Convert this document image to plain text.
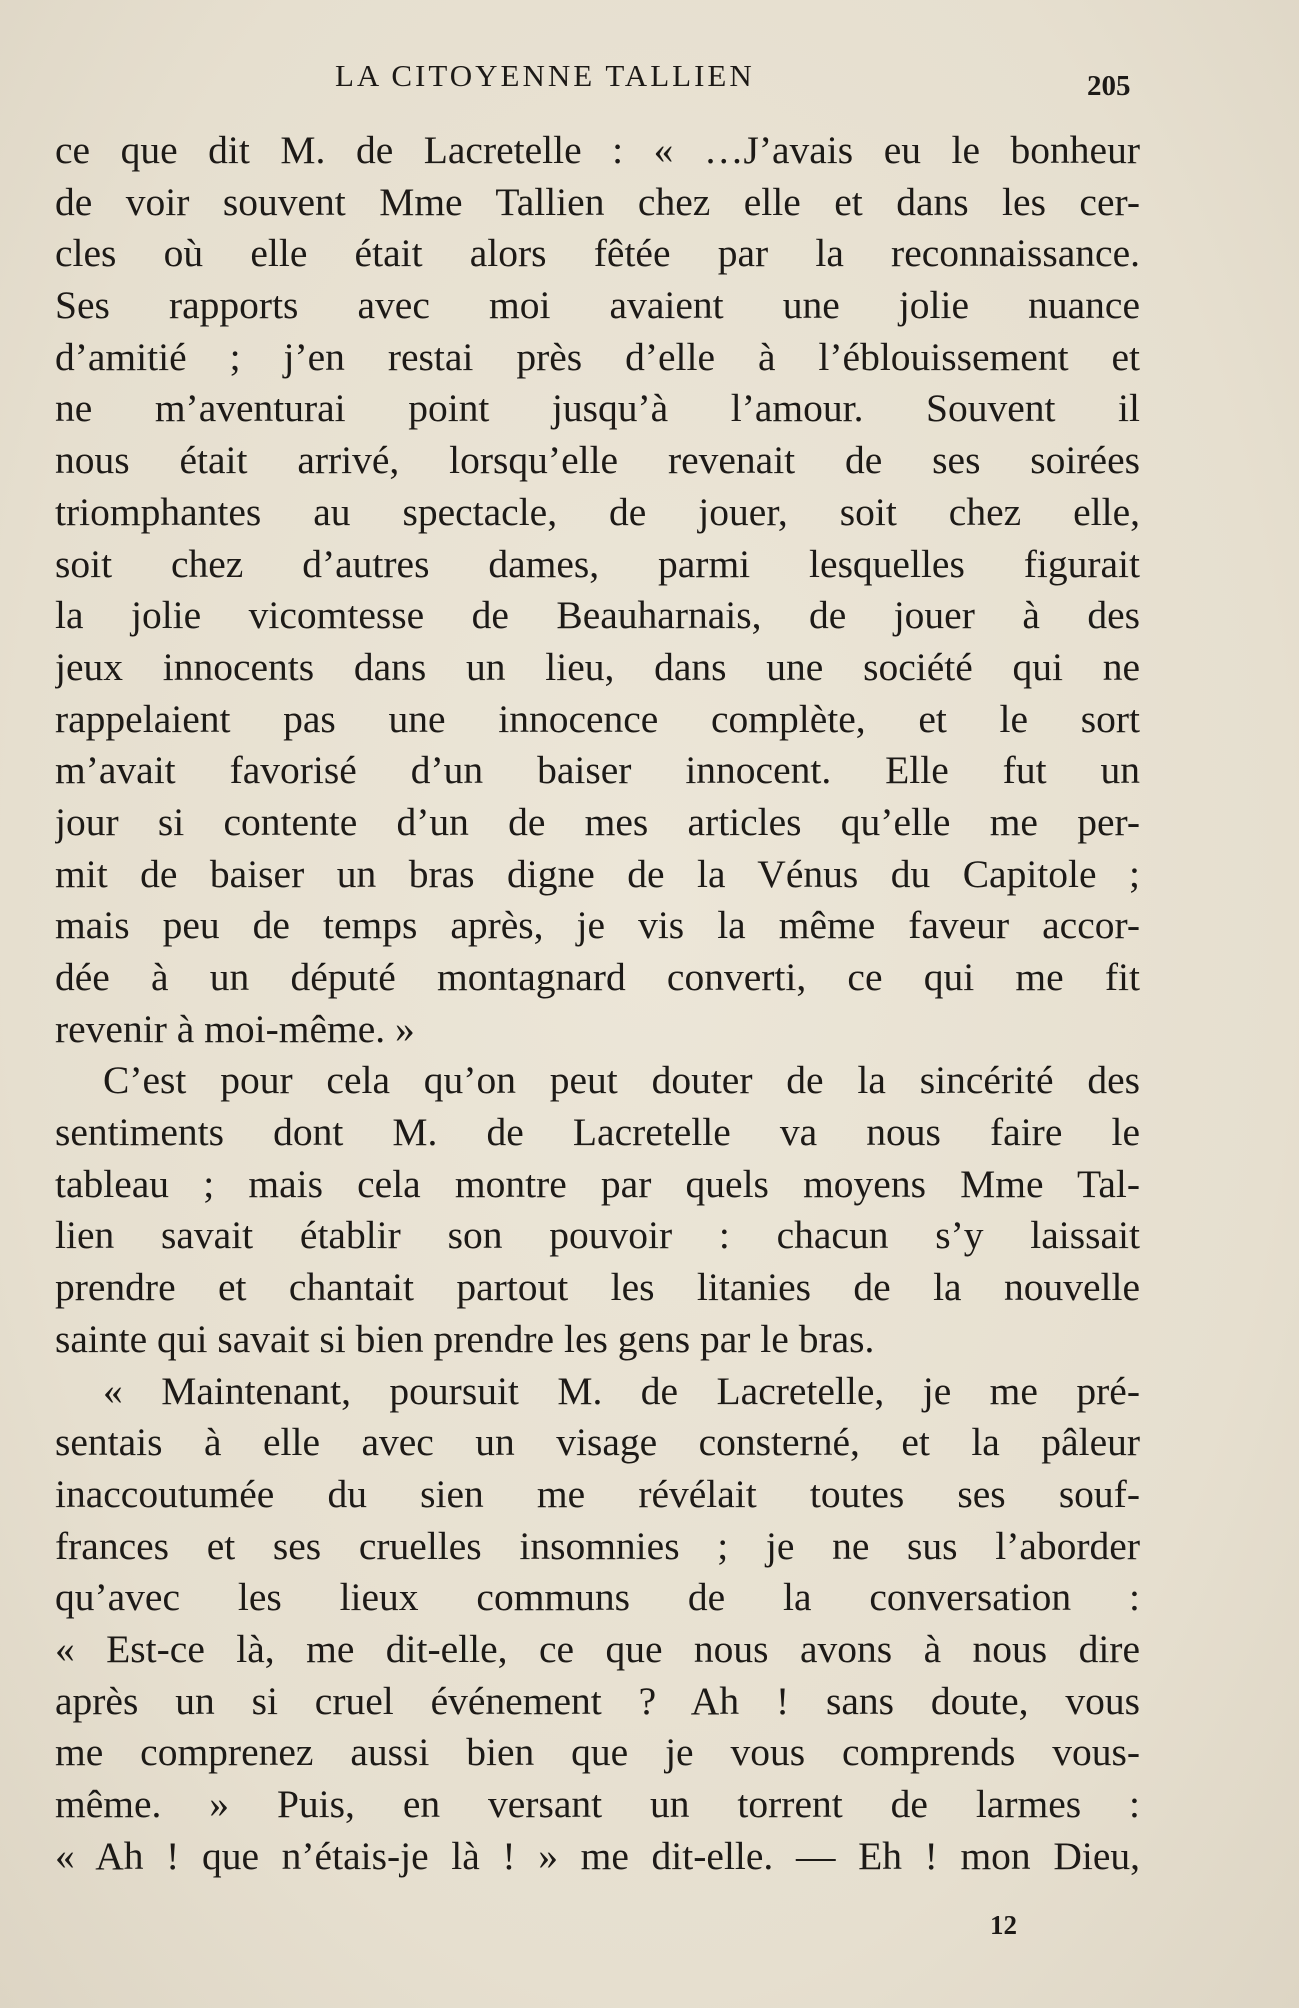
LA CITOYENNE TALLIEN	205
ce que dit M. de Lacretelle : « …J’avais eu le bonheur
de voir souvent Mme Tallien chez elle et dans les cer-
cles où elle était alors fêtée par la reconnaissance.
Ses rapports avec moi avaient une jolie nuance
d’amitié ; j’en restai près d’elle à l’éblouissement et
ne m’aventurai point jusqu’à l’amour. Souvent il
nous était arrivé, lorsqu’elle revenait de ses soirées
triomphantes au spectacle, de jouer, soit chez elle,
soit chez d’autres dames, parmi lesquelles figurait
la jolie vicomtesse de Beauharnais, de jouer à des
jeux innocents dans un lieu, dans une société qui ne
rappelaient pas une innocence complète, et le sort
m’avait favorisé d’un baiser innocent. Elle fut un
jour si contente d’un de mes articles qu’elle me per-
mit de baiser un bras digne de la Vénus du Capitole ;
mais peu de temps après, je vis la même faveur accor-
dée à un député montagnard converti, ce qui me fit
revenir à moi-même. »
C’est pour cela qu’on peut douter de la sincérité des
sentiments dont M. de Lacretelle va nous faire le
tableau ; mais cela montre par quels moyens Mme Tal-
lien savait établir son pouvoir : chacun s’y laissait
prendre et chantait partout les litanies de la nouvelle
sainte qui savait si bien prendre les gens par le bras.
« Maintenant, poursuit M. de Lacretelle, je me pré-
sentais à elle avec un visage consterné, et la pâleur
inaccoutumée du sien me révélait toutes ses souf-
frances et ses cruelles insomnies ; je ne sus l’aborder
qu’avec les lieux communs de la conversation :
« Est-ce là, me dit-elle, ce que nous avons à nous dire
après un si cruel événement ? Ah ! sans doute, vous
me comprenez aussi bien que je vous comprends vous-
même. » Puis, en versant un torrent de larmes :
« Ah ! que n’étais-je là ! » me dit-elle. — Eh ! mon Dieu,
12
